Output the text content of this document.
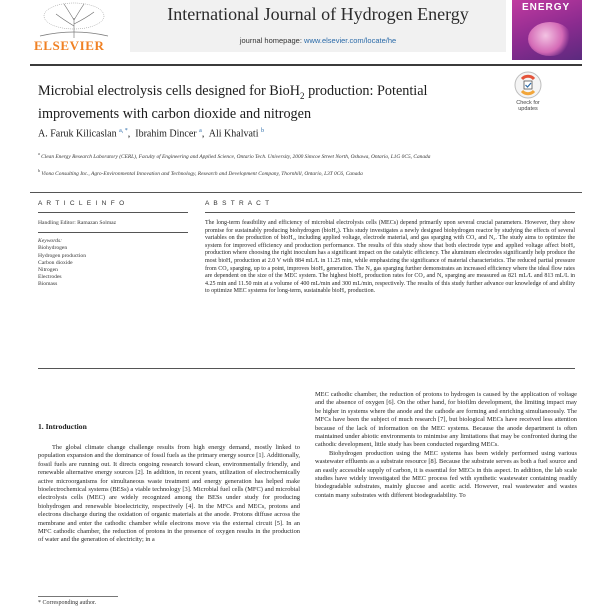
ELSEVIER
International Journal of Hydrogen Energy
journal homepage: www.elsevier.com/locate/he
ENERGY
Check for
updates
Microbial electrolysis cells designed for BioH$_2$ production: Potential improvements with carbon dioxide and nitrogen
A. Faruk Kilicaslan $^{a, *}$,  Ibrahim Dincer $^a$,  Ali Khalvati $^b$
$^a$ Clean Energy Research Laboratory (CERL), Faculty of Engineering and Applied Science, Ontario Tech. University, 2000 Simcoe Street North, Oshawa, Ontario, L1G 0C5, Canada
$^b$ Viona Consulting Inc., Agro-Environmental Innovation and Technology, Research and Development Company, Thornhill, Ontario, L3T 0C6, Canada
A R T I C L E I N F O	A B S T R A C T
Handling Editor: Ramazan Solmaz
Keywords:
Biohydrogen
Hydrogen production
Carbon dioxide
Nitrogen
Electrodes
Biomass
The long-term feasibility and efficiency of microbial electrolysis cells (MECs) depend primarily upon several crucial parameters. However, they show promise for sustainably producing biohydrogen (bioH₂). This study investigates a newly designed biohydrogen reactor by studying the effects of several variables on the production of bioH₂, including applied voltage, electrode material, and gas sparging with CO₂ and N₂. The study aims to optimize the system for improved efficiency and production performance. The results of this study show that both electrode type and applied voltage affect bioH₂ production where choosing the right inoculum has a significant impact on the catalytic efficiency. The aluminum electrodes significantly help produce the most bioH₂ production at 2.0 V with 884 mL/L in 11.25 min, while emphasizing the significance of material characteristics. The reduced partial pressure from CO₂ sparging, up to a point, improves bioH₂ generation. The N₂ gas sparging further demonstrates an increased efficiency where the ideal flow rates are dependent on the size of the MEC system. The highest bioH₂ production rates for CO₂ and N₂ sparging are measured as 821 mL/L and 813 mL/L in 4.25 min and 11.50 min at a volume of 400 mL/min and 300 mL/min, respectively. The results of this study further advance our knowledge of and ability to optimize MEC systems for long-term, sustainable bioH₂ production.
1. Introduction

The global climate change challenge results from high energy demand, mostly linked to population expansion and the dominance of fossil fuels as the primary energy source [1]. Additionally, fossil fuels are running out. It directs ongoing research toward clean, environmentally friendly, and renewable alternative energy sources [2]. In addition, in recent years, utilization of electrochemically active microorganisms for simultaneous waste treatment and energy generation has helped make bioelectrochemical systems (BESs) a viable technology [3]. Microbial fuel cells (MFC) and microbial electrolysis cells (MEC) are widely recognized among the BESs under study for producing biohydrogen and renewable bioelectricity, respectively [4]. In the MFCs and MECs, protons and electrons discharge during the oxidation of organic materials at the anode. Protons diffuse across the membrane and enter the cathodic chamber while electrons move via the external circuit [5]. In an MFC cathodic chamber, the reduction of protons in the presence of oxygen results in the production of water and the generation of electricity; in a

MEC cathodic chamber, the reduction of protons to hydrogen is caused by the application of voltage and the absence of oxygen [6]. On the other hand, for biofilm development, the limiting impact may be higher in systems where the anode and the cathode are forming and enriching simultaneously. The MFCs have been the subject of much research [7], but biological MECs have received less attention because of the lack of information on the MEC systems. Because the anode department is often maintained under abiotic environments to minimise any limitations that may be confronted during the cathodic development, little study has been conducted regarding MECs.

Biohydrogen production using the MEC systems has been widely performed using various wastewater effluents as a substrate resource [8]. Because the substrate serves as both a fuel source and an easily accessible supply of carbon, it is essential for MECs in this aspect. In addition, the lab scale studies have widely investigated the MEC process fed with synthetic wastewater containing readily biodegradable substrates, mainly glucose and acetic acid. However, real wastewater and wastes contain many substrates with different biodegradability. To

* Corresponding author.
